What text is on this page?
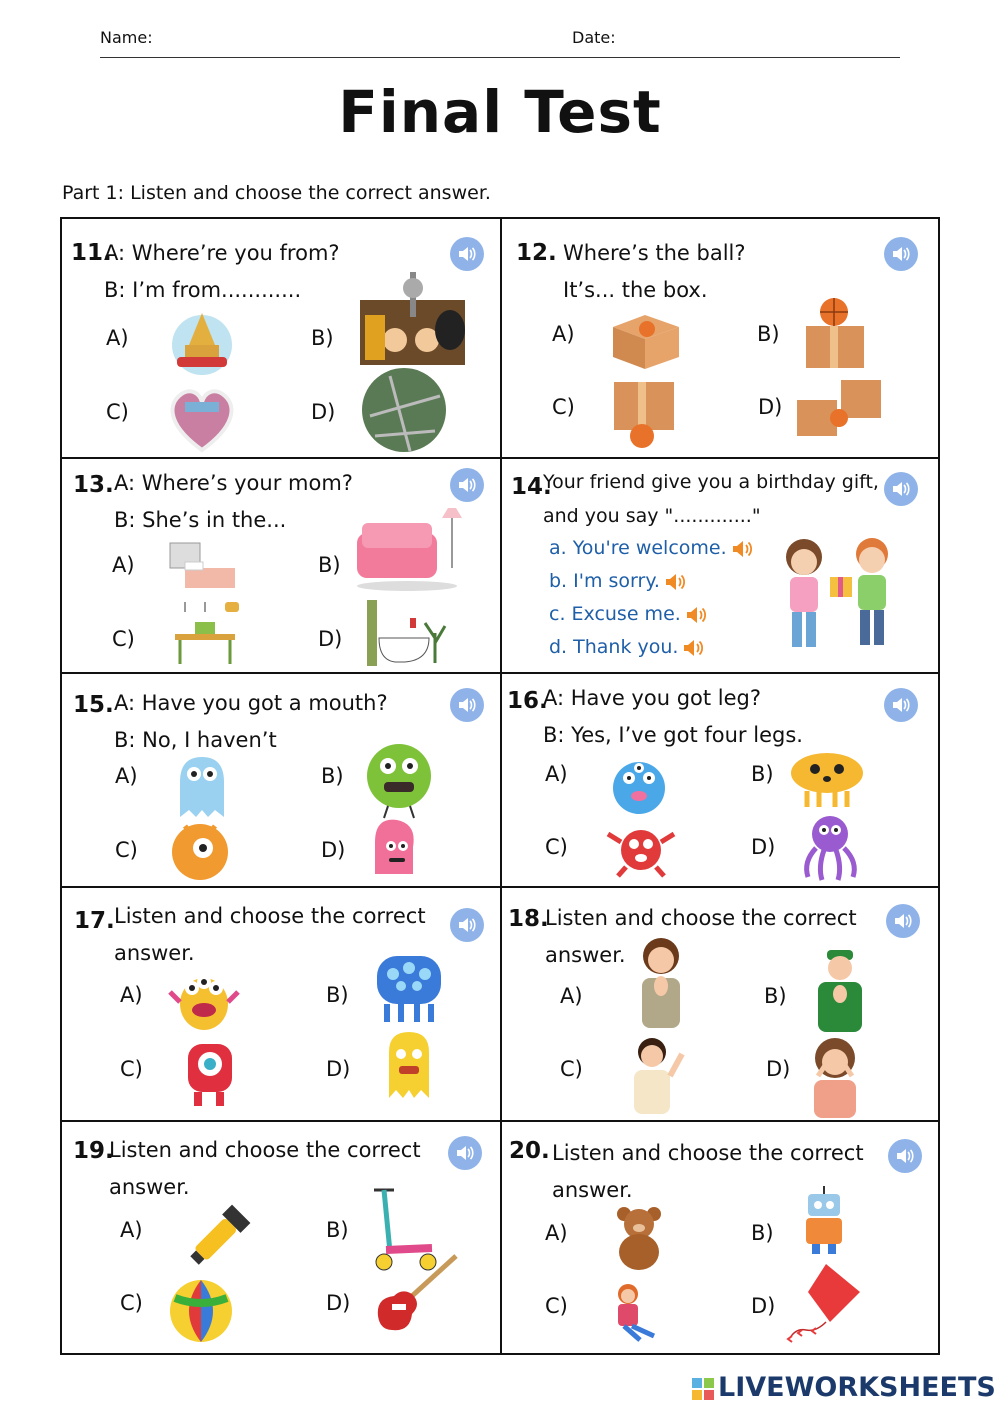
Name:	Date:
Final Test
Part 1: Listen and choose the correct answer.
11.
A: Where’re you from?
B: I’m from............
A)	B)
C)	D)
12. Where’s the ball?
It’s... the box.
A)	B)
C)	D)
13. A: Where’s your mom?
B: She’s in the...
A)	B)
C)	D)
14.
Your friend give you a birthday gift,
and you say "............."
a. You're welcome.
b. I'm sorry.
c. Excuse me.
d. Thank you.
15. A: Have you got a mouth?
B: No, I haven’t
A)	B)
C)	D)
16.
A: Have you got leg?
B: Yes, I’ve got four legs.
A)	B)
C)	D)
17. Listen and choose the correct
answer.
A)	B)
C)	D)
18.
Listen and choose the correct
answer.
A)	B)
C)	D)
19.
Listen and choose the correct
answer.
A)	B)
C)	D)
20. Listen and choose the correct
answer.
A)	B)
C)	D)
LIVEWORKSHEETS
